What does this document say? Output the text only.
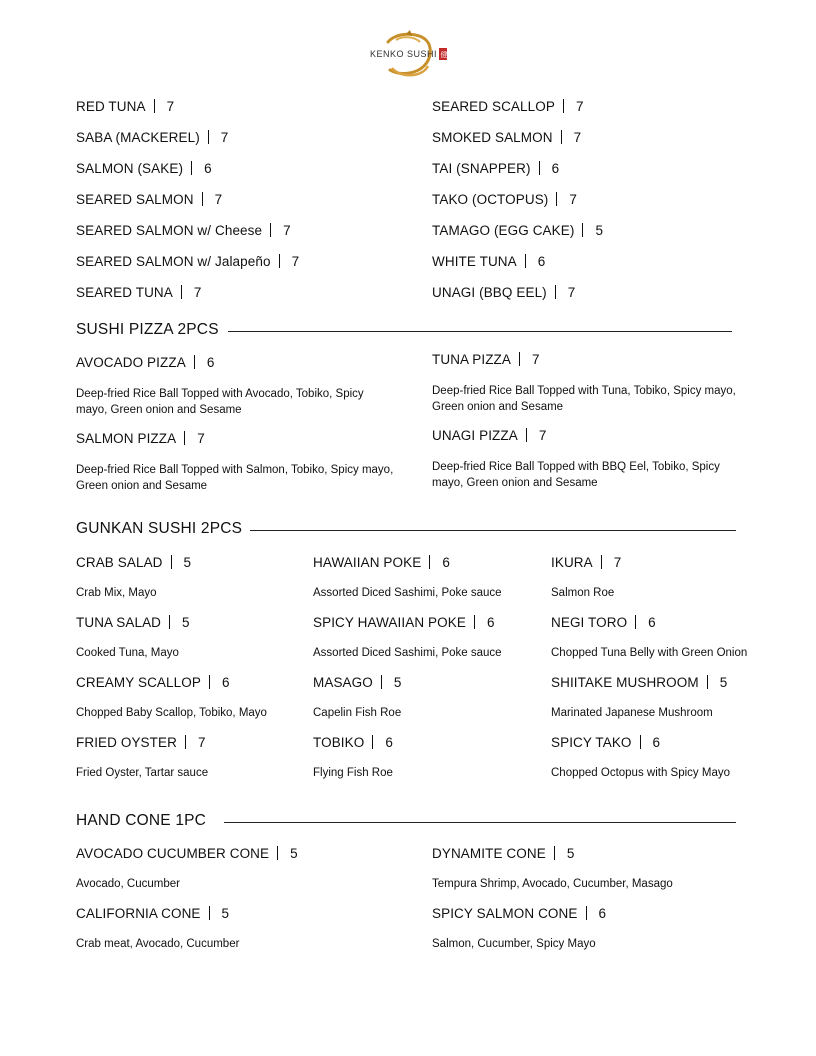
KENKO SUSHI 健
RED TUNA 7
SABA (MACKEREL) 7
SALMON (SAKE) 6
SEARED SALMON 7
SEARED SALMON w/ Cheese 7
SEARED SALMON w/ Jalapeño 7
SEARED TUNA 7
SEARED SCALLOP 7
SMOKED SALMON 7
TAI (SNAPPER) 6
TAKO (OCTOPUS) 7
TAMAGO (EGG CAKE) 5
WHITE TUNA 6
UNAGI (BBQ EEL) 7
SUSHI PIZZA 2PCS
AVOCADO PIZZA 6
Deep-fried Rice Ball Topped with Avocado, Tobiko, Spicy mayo, Green onion and Sesame
SALMON PIZZA 7
Deep-fried Rice Ball Topped with Salmon, Tobiko, Spicy mayo, Green onion and Sesame
TUNA PIZZA 7
Deep-fried Rice Ball Topped with Tuna, Tobiko, Spicy mayo, Green onion and Sesame
UNAGI PIZZA 7
Deep-fried Rice Ball Topped with BBQ Eel, Tobiko, Spicy mayo, Green onion and Sesame
GUNKAN SUSHI 2PCS
CRAB SALAD 5
Crab Mix, Mayo
TUNA SALAD 5
Cooked Tuna, Mayo
CREAMY SCALLOP 6
Chopped Baby Scallop, Tobiko, Mayo
FRIED OYSTER 7
Fried Oyster, Tartar sauce
HAWAIIAN POKE 6
Assorted Diced Sashimi, Poke sauce
SPICY HAWAIIAN POKE 6
Assorted Diced Sashimi, Poke sauce
MASAGO 5
Capelin Fish Roe
TOBIKO 6
Flying Fish Roe
IKURA 7
Salmon Roe
NEGI TORO 6
Chopped Tuna Belly with Green Onion
SHIITAKE MUSHROOM 5
Marinated Japanese Mushroom
SPICY TAKO 6
Chopped Octopus with Spicy Mayo
HAND CONE 1PC
AVOCADO CUCUMBER CONE 5
Avocado, Cucumber
CALIFORNIA CONE 5
Crab meat, Avocado, Cucumber
DYNAMITE CONE 5
Tempura Shrimp, Avocado, Cucumber, Masago
SPICY SALMON CONE 6
Salmon, Cucumber, Spicy Mayo
